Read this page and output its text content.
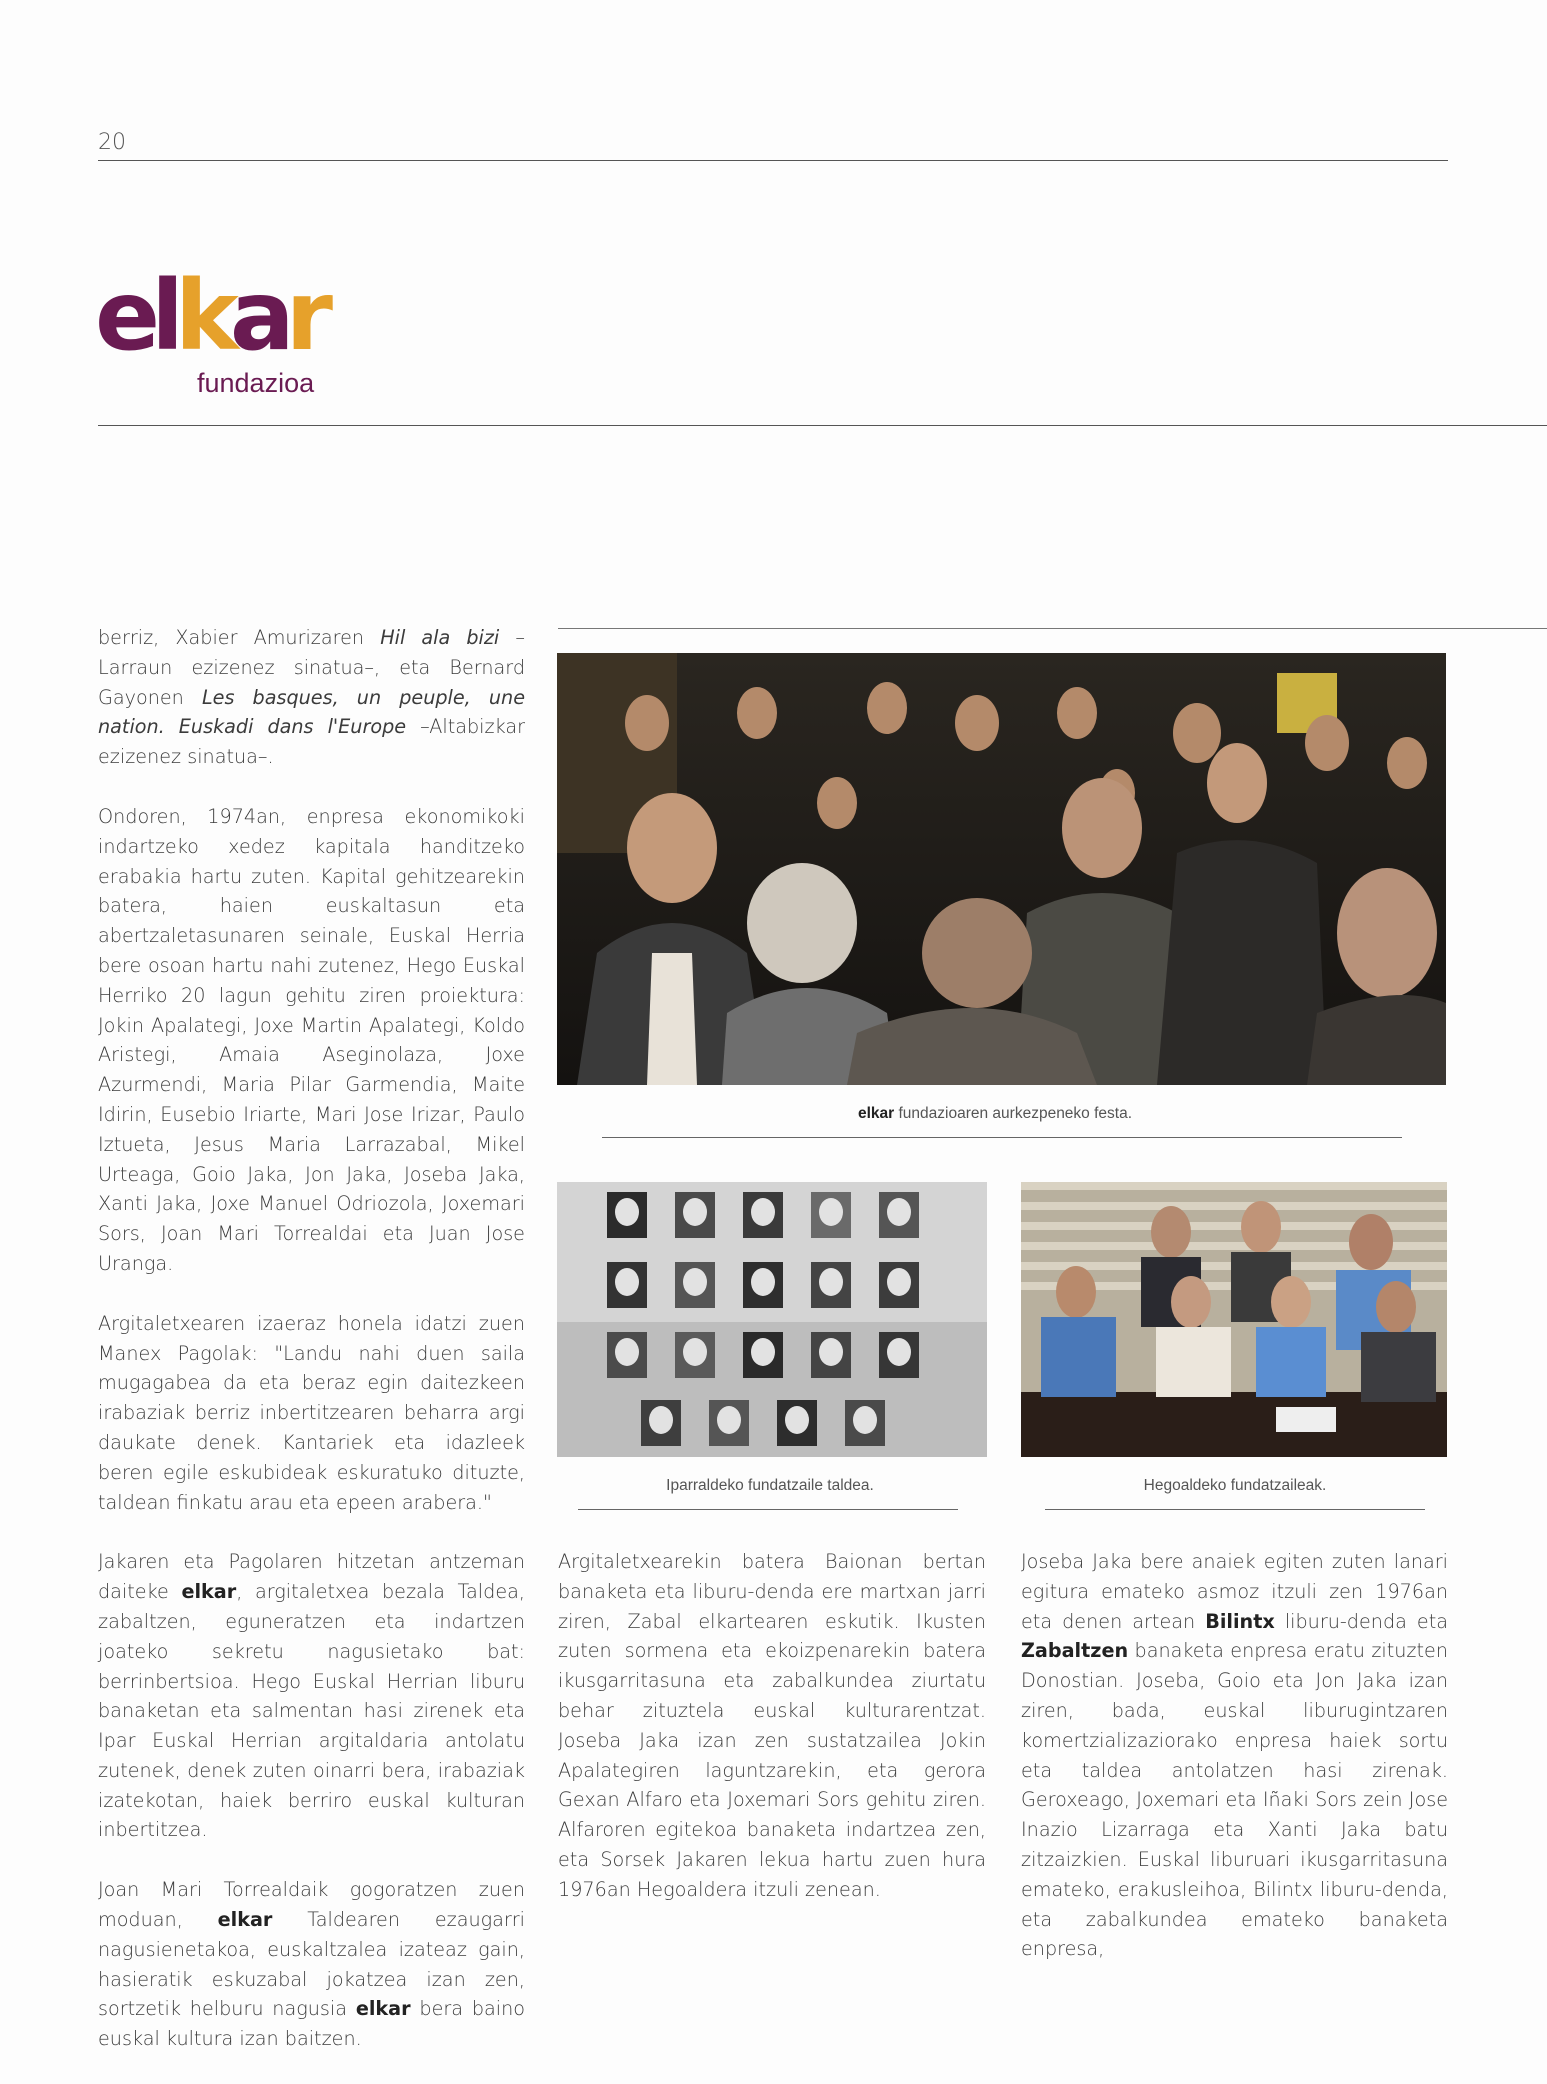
20
elkar
fundazioa

berriz, Xabier Amurizaren Hil ala bizi –Larraun ezizenez sinatua–, eta Bernard Gayonen Les basques, un peuple, une nation. Euskadi dans l'Europe –Altabizkar ezizenez sinatua–.

Ondoren, 1974an, enpresa ekonomikoki indartzeko xedez kapitala handitzeko erabakia hartu zuten. Kapital gehitzearekin batera, haien euskaltasun eta abertzaletasunaren seinale, Euskal Herria bere osoan hartu nahi zutenez, Hego Euskal Herriko 20 lagun gehitu ziren proiektura: Jokin Apalategi, Joxe Martin Apalategi, Koldo Aristegi, Amaia Aseginolaza, Joxe Azurmendi, Maria Pilar Garmendia, Maite Idirin, Eusebio Iriarte, Mari Jose Irizar, Paulo Iztueta, Jesus Maria Larrazabal, Mikel Urteaga, Goio Jaka, Jon Jaka, Joseba Jaka, Xanti Jaka, Joxe Manuel Odriozola, Joxemari Sors, Joan Mari Torrealdai eta Juan Jose Uranga.

Argitaletxearen izaeraz honela idatzi zuen Manex Pagolak: "Landu nahi duen saila mugagabea da eta beraz egin daitezkeen irabaziak berriz inbertitzearen beharra argi daukate denek. Kantariek eta idazleek beren egile eskubideak eskuratuko dituzte, taldean finkatu arau eta epeen arabera."

Jakaren eta Pagolaren hitzetan antzeman daiteke elkar, argitaletxea bezala Taldea, zabaltzen, eguneratzen eta indartzen joateko sekretu nagusietako bat: berrinbertsioa. Hego Euskal Herrian liburu banaketan eta salmentan hasi zirenek eta Ipar Euskal Herrian argitaldaria antolatu zutenek, denek zuten oinarri bera, irabaziak izatekotan, haiek berriro euskal kulturan inbertitzea.

Joan Mari Torrealdaik gogoratzen zuen moduan, elkar Taldearen ezaugarri nagusienetakoa, euskaltzalea izateaz gain, hasieratik eskuzabal jokatzea izan zen, sortzetik helburu nagusia elkar bera baino euskal kultura izan baitzen.

elkar fundazioaren aurkezpeneko festa.
Iparraldeko fundatzaile taldea.	Hegoaldeko fundatzaileak.

Argitaletxearekin batera Baionan bertan banaketa eta liburu-denda ere martxan jarri ziren, Zabal elkartearen eskutik. Ikusten zuten sormena eta ekoizpenarekin batera ikusgarritasuna eta zabalkundea ziurtatu behar zituztela euskal kulturarentzat. Joseba Jaka izan zen sustatzailea Jokin Apalategiren laguntzarekin, eta gerora Gexan Alfaro eta Joxemari Sors gehitu ziren. Alfaroren egitekoa banaketa indartzea zen, eta Sorsek Jakaren lekua hartu zuen hura 1976an Hegoaldera itzuli zenean.

Joseba Jaka bere anaiek egiten zuten lanari egitura emateko asmoz itzuli zen 1976an eta denen artean Bilintx liburu-denda eta Zabaltzen banaketa enpresa eratu zituzten Donostian. Joseba, Goio eta Jon Jaka izan ziren, bada, euskal liburugintzaren komertzializaziorako enpresa haiek sortu eta taldea antolatzen hasi zirenak. Geroxeago, Joxemari eta Iñaki Sors zein Jose Inazio Lizarraga eta Xanti Jaka batu zitzaizkien. Euskal liburuari ikusgarritasuna emateko, erakusleihoa, Bilintx liburu-denda, eta zabalkundea emateko banaketa enpresa,
